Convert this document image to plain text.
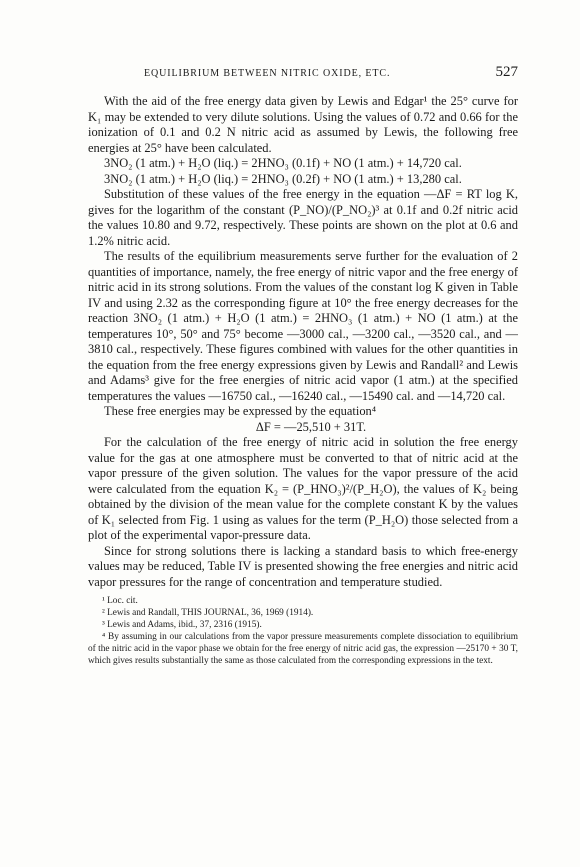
EQUILIBRIUM BETWEEN NITRIC OXIDE, ETC.	527

With the aid of the free energy data given by Lewis and Edgar¹ the 25° curve for K₁ may be extended to very dilute solutions. Using the values of 0.72 and 0.66 for the ionization of 0.1 and 0.2 N nitric acid as assumed by Lewis, the following free energies at 25° have been calculated.

3NO₂ (1 atm.) + H₂O (liq.) = 2HNO₃ (0.1f) + NO (1 atm.) + 14,720 cal.

3NO₂ (1 atm.) + H₂O (liq.) = 2HNO₃ (0.2f) + NO (1 atm.) + 13,280 cal.

Substitution of these values of the free energy in the equation —ΔF = RT log K, gives for the logarithm of the constant (P_NO)/(P_NO₂)³ at 0.1f and 0.2f nitric acid the values 10.80 and 9.72, respectively. These points are shown on the plot at 0.6 and 1.2% nitric acid.

The results of the equilibrium measurements serve further for the evaluation of 2 quantities of importance, namely, the free energy of nitric vapor and the free energy of nitric acid in its strong solutions. From the values of the constant log K given in Table IV and using 2.32 as the corresponding figure at 10° the free energy decreases for the reaction 3NO₂ (1 atm.) + H₂O (1 atm.) = 2HNO₃ (1 atm.) + NO (1 atm.) at the temperatures 10°, 50° and 75° become —3000 cal., —3200 cal., —3520 cal., and —3810 cal., respectively. These figures combined with values for the other quantities in the equation from the free energy expressions given by Lewis and Randall² and Lewis and Adams³ give for the free energies of nitric acid vapor (1 atm.) at the specified temperatures the values —16750 cal., —16240 cal., —15490 cal. and —14,720 cal.

These free energies may be expressed by the equation⁴

ΔF = —25,510 + 31T.

For the calculation of the free energy of nitric acid in solution the free energy value for the gas at one atmosphere must be converted to that of nitric acid at the vapor pressure of the given solution. The values for the vapor pressure of the acid were calculated from the equation K₂ = (P_HNO₃)²/(P_H₂O), the values of K₂ being obtained by the division of the mean value for the complete constant K by the values of K₁ selected from Fig. 1 using as values for the term (P_H₂O) those selected from a plot of the experimental vapor-pressure data.

Since for strong solutions there is lacking a standard basis to which free-energy values may be reduced, Table IV is presented showing the free energies and nitric acid vapor pressures for the range of concentration and temperature studied.

¹ Loc. cit.

² Lewis and Randall, THIS JOURNAL, 36, 1969 (1914).

³ Lewis and Adams, ibid., 37, 2316 (1915).

⁴ By assuming in our calculations from the vapor pressure measurements complete dissociation to equilibrium of the nitric acid in the vapor phase we obtain for the free energy of nitric acid gas, the expression —25170 + 30 T, which gives results substantially the same as those calculated from the corresponding expressions in the text.
